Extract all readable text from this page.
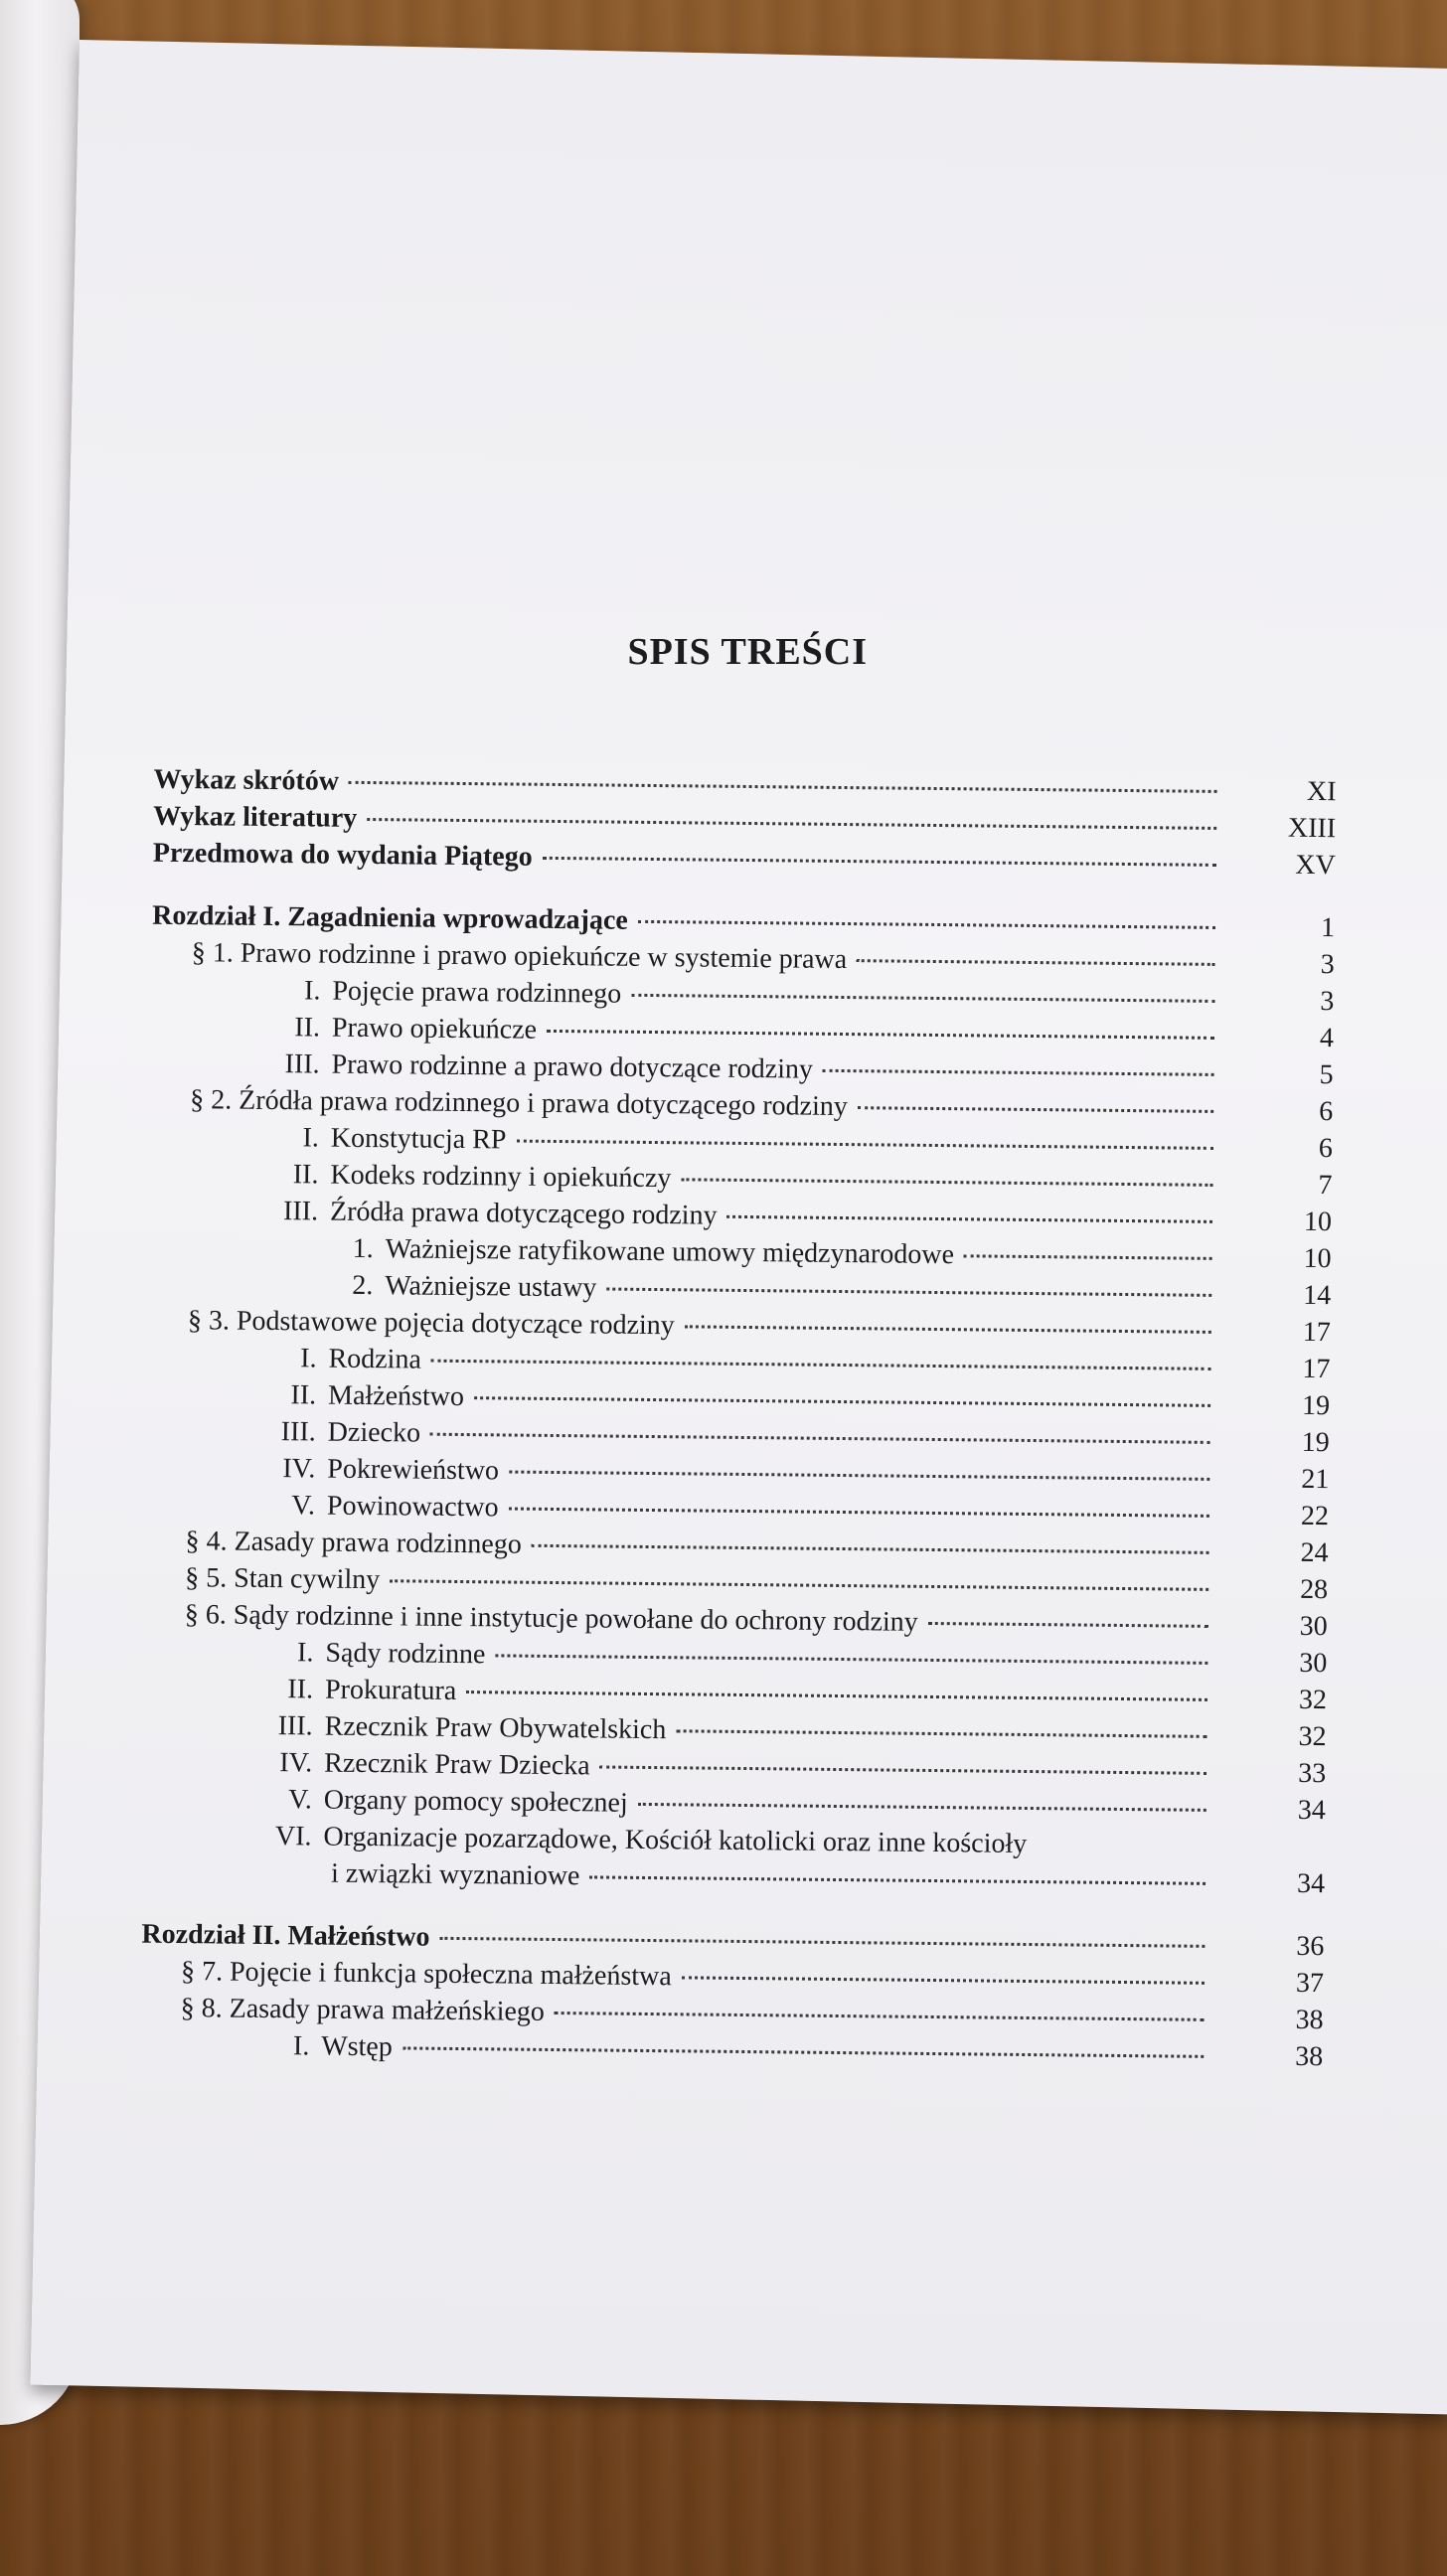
SPIS TREŚCI
Wykaz skrótów	XI
Wykaz literatury	XIII
Przedmowa do wydania Piątego	XV
Rozdział I. Zagadnienia wprowadzające	1
§ 1. Prawo rodzinne i prawo opiekuńcze w systemie prawa	3
I. Pojęcie prawa rodzinnego	3
II. Prawo opiekuńcze	4
III. Prawo rodzinne a prawo dotyczące rodziny	5
§ 2. Źródła prawa rodzinnego i prawa dotyczącego rodziny	6
I. Konstytucja RP	6
II. Kodeks rodzinny i opiekuńczy	7
III. Źródła prawa dotyczącego rodziny	10
1. Ważniejsze ratyfikowane umowy międzynarodowe	10
2. Ważniejsze ustawy	14
§ 3. Podstawowe pojęcia dotyczące rodziny	17
I. Rodzina	17
II. Małżeństwo	19
III. Dziecko	19
IV. Pokrewieństwo	21
V. Powinowactwo	22
§ 4. Zasady prawa rodzinnego	24
§ 5. Stan cywilny	28
§ 6. Sądy rodzinne i inne instytucje powołane do ochrony rodziny	30
I. Sądy rodzinne	30
II. Prokuratura	32
III. Rzecznik Praw Obywatelskich	32
IV. Rzecznik Praw Dziecka	33
V. Organy pomocy społecznej	34
VI. Organizacje pozarządowe, Kościół katolicki oraz inne kościoły
i związki wyznaniowe	34
Rozdział II. Małżeństwo	36
§ 7. Pojęcie i funkcja społeczna małżeństwa	37
§ 8. Zasady prawa małżeńskiego	38
I. Wstęp	38
